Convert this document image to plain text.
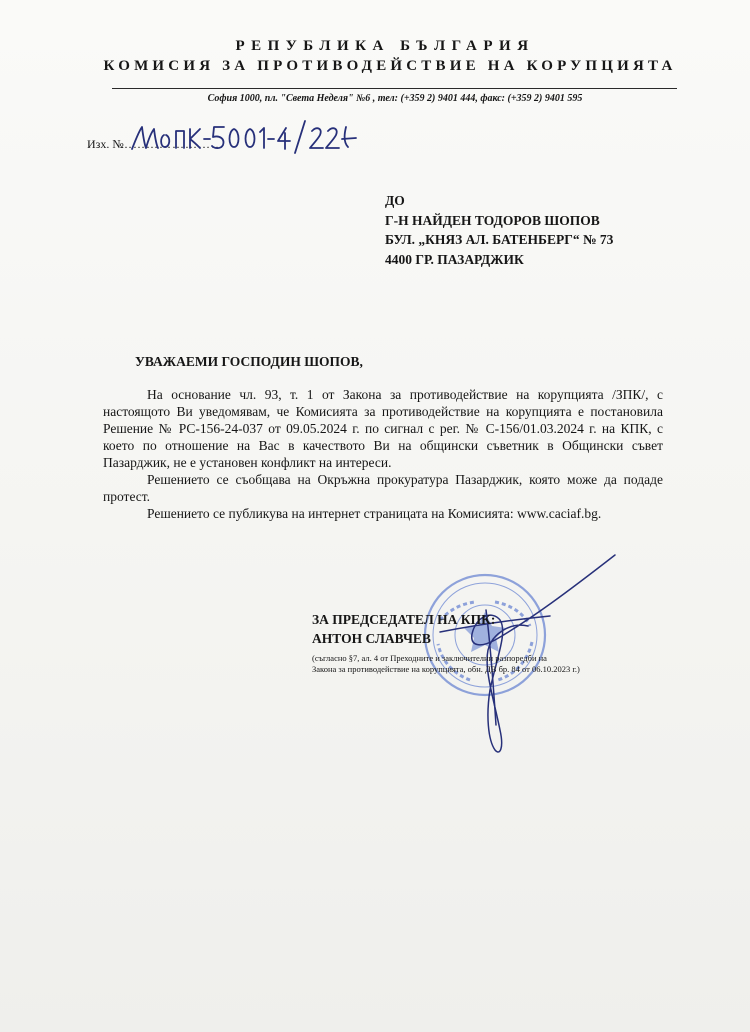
РЕПУБЛИКА БЪЛГАРИЯ
КОМИСИЯ ЗА ПРОТИВОДЕЙСТВИЕ НА КОРУПЦИЯТА
София 1000, пл. "Света Неделя" №6 , тел: (+359 2) 9401 444, факс: (+359 2) 9401 595
Изх. №
……………………
ДО
Г-Н НАЙДЕН ТОДОРОВ ШОПОВ
БУЛ. „КНЯЗ АЛ. БАТЕНБЕРГ“ № 73
4400 ГР. ПАЗАРДЖИК
УВАЖАЕМИ ГОСПОДИН ШОПОВ,

На основание чл. 93, т. 1 от Закона за противодействие на корупцията /ЗПК/, с настоящото Ви уведомявам, че Комисията за противодействие на корупцията е постановила Решение № РС-156-24-037 от 09.05.2024 г. по сигнал с рег. № С-156/01.03.2024 г. на КПК, с което по отношение на Вас в качеството Ви на общински съветник в Общински съвет Пазарджик, не е установен конфликт на интереси.

Решението се съобщава на Окръжна прокуратура Пазарджик, която може да подаде протест.

Решението се публикува на интернет страницата на Комисията: www.caciaf.bg.

ЗА ПРЕДСЕДАТЕЛ НА КПК:
АНТОН СЛАВЧЕВ
(съгласно §7, ал. 4 от Преходните и заключителни разпоредби на
Закона за противодействие на корупцията, обн. ДВ бр. 84 от 06.10.2023 г.)
